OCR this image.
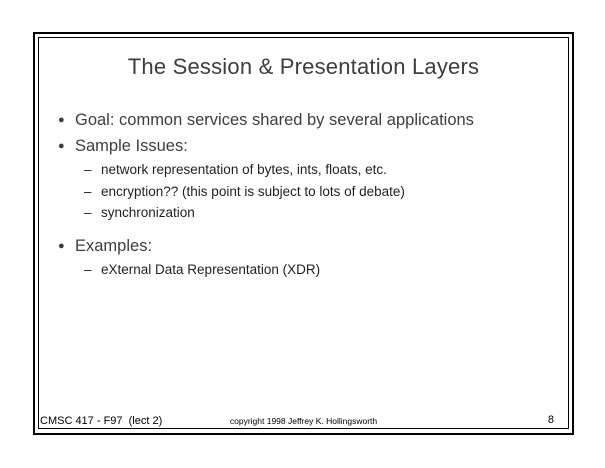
The Session & Presentation Layers
● Goal: common services shared by several applications
● Sample Issues:
– network representation of bytes, ints, floats, etc.
– encryption?? (this point is subject to lots of debate)
– synchronization
● Examples:
– eXternal Data Representation (XDR)
CMSC 417 - F97  (lect 2)	copyright 1998 Jeffrey K. Hollingsworth	8
